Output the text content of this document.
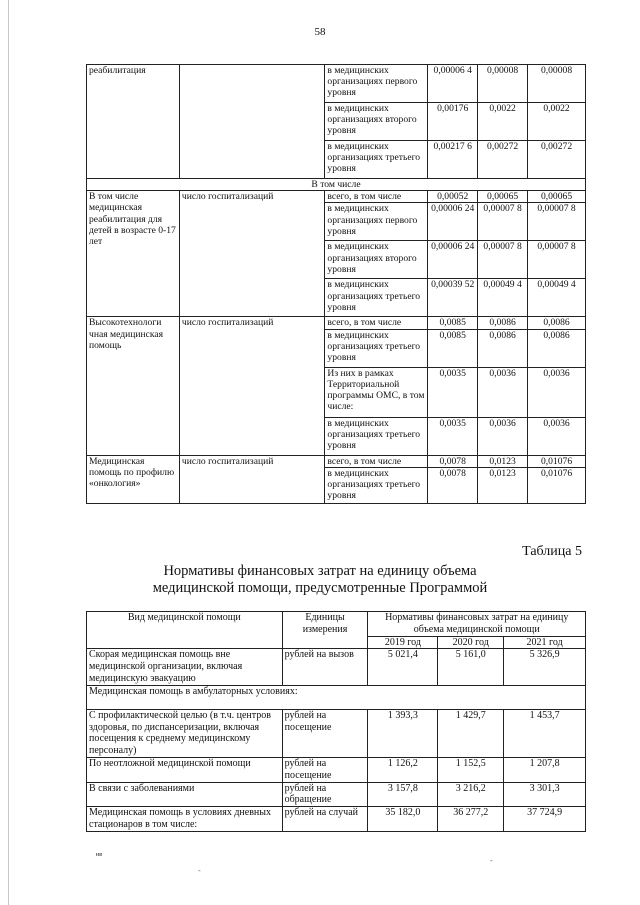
58
реабилитация		в медицинских организациях первого уровня	0,00006 4	0,00008	0,00008
		в медицинских организациях второго уровня	0,00176	0,0022	0,0022
		в медицинских организациях третьего уровня	0,00217 6	0,00272	0,00272
В том числе					
В том числе медицинская реабилитация для детей в возрасте 0-17 лет	число госпитализаций	всего, в том числе	0,00052	0,00065	0,00065
		в медицинских организациях первого уровня	0,00006 24	0,00007 8	0,00007 8
		в медицинских организациях второго уровня	0,00006 24	0,00007 8	0,00007 8
		в медицинских организациях третьего уровня	0,00039 52	0,00049 4	0,00049 4
Высокотехнологи чная медицинская помощь	число госпитализаций	всего, в том числе	0,0085	0,0086	0,0086
		в медицинских организациях третьего уровня	0,0085	0,0086	0,0086
		Из них в рамках Территориальной программы ОМС, в том числе:	0,0035	0,0036	0,0036
		в медицинских организациях третьего уровня	0,0035	0,0036	0,0036
Медицинская помощь по профилю «онкология»	число госпитализаций	всего, в том числе	0,0078	0,0123	0,01076
		в медицинских организациях третьего уровня	0,0078	0,0123	0,01076
Таблица 5
Нормативы финансовых затрат на единицу объема
медицинской помощи, предусмотренные Программой
Вид медицинской помощи	Единицы измерения	Нормативы финансовых затрат на единицу объема медицинской помощи		
		2019 год	2020 год	2021 год
Скорая медицинская помощь вне медицинской организации, включая медицинскую эвакуацию	рублей на вызов	5 021,4	5 161,0	5 326,9
Медицинская помощь в амбулаторных условиях:				
С профилактической целью (в т.ч. центров здоровья, по диспансеризации, включая посещения к среднему медицинскому персоналу)	рублей на посещение	1 393,3	1 429,7	1 453,7
По неотложной медицинской помощи	рублей на посещение	1 126,2	1 152,5	1 207,8
В связи с заболеваниями	рублей на обращение	3 157,8	3 216,2	3 301,3
Медицинская помощь в условиях дневных стационаров в том числе:	рублей на случай	35 182,0	36 277,2	37 724,9
нв
-
-
